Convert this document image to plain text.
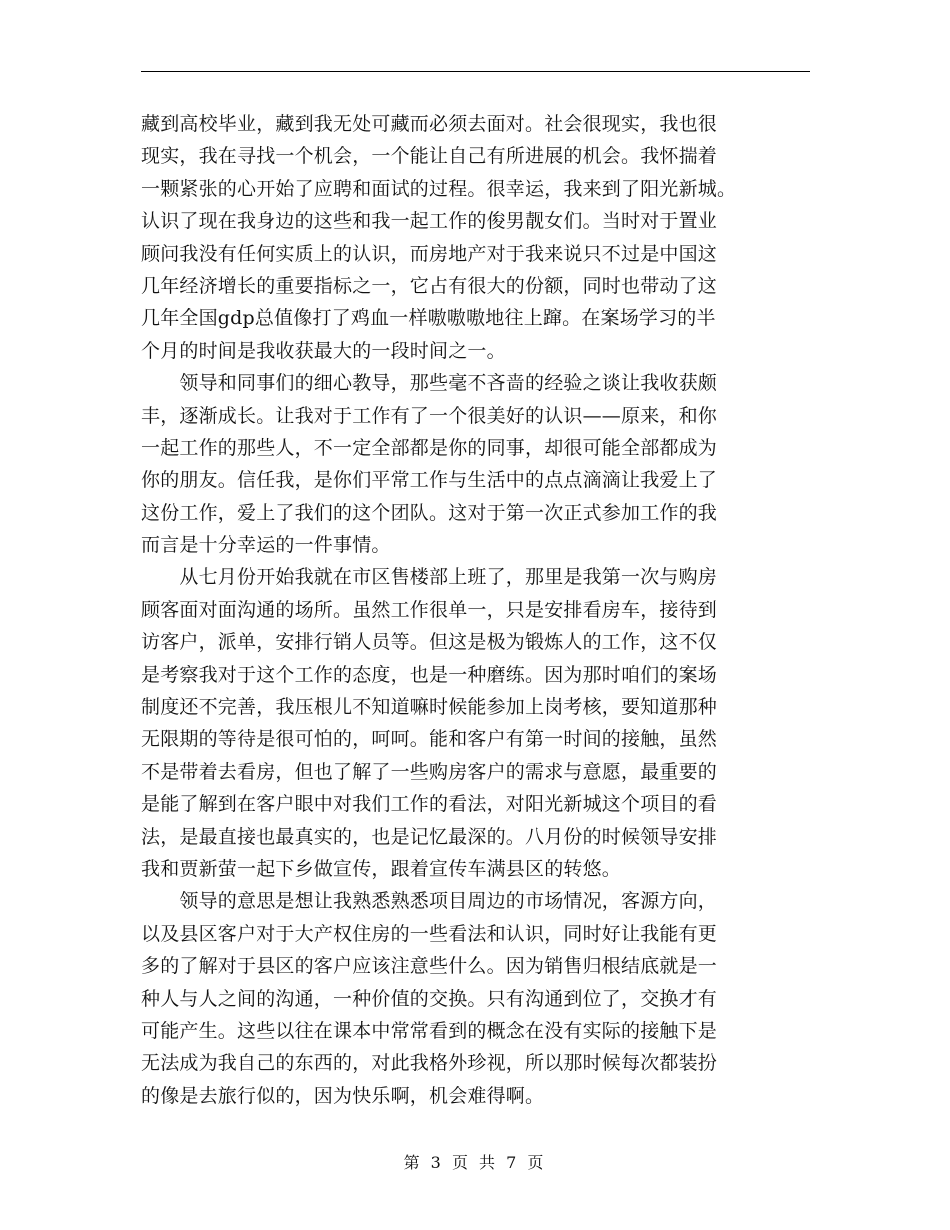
藏到高校毕业，藏到我无处可藏而必须去面对。社会很现实，我也很
现实，我在寻找一个机会，一个能让自己有所进展的机会。我怀揣着
一颗紧张的心开始了应聘和面试的过程。很幸运，我来到了阳光新城。
认识了现在我身边的这些和我一起工作的俊男靓女们。当时对于置业
顾问我没有任何实质上的认识，而房地产对于我来说只不过是中国这
几年经济增长的重要指标之一，它占有很大的份额，同时也带动了这
几年全国gdp总值像打了鸡血一样嗷嗷嗷地往上蹿。在案场学习的半
个月的时间是我收获最大的一段时间之一。
　　领导和同事们的细心教导，那些毫不吝啬的经验之谈让我收获颇
丰，逐渐成长。让我对于工作有了一个很美好的认识——原来，和你
一起工作的那些人，不一定全部都是你的同事，却很可能全部都成为
你的朋友。信任我，是你们平常工作与生活中的点点滴滴让我爱上了
这份工作，爱上了我们的这个团队。这对于第一次正式参加工作的我
而言是十分幸运的一件事情。
　　从七月份开始我就在市区售楼部上班了，那里是我第一次与购房
顾客面对面沟通的场所。虽然工作很单一，只是安排看房车，接待到
访客户，派单，安排行销人员等。但这是极为锻炼人的工作，这不仅
是考察我对于这个工作的态度，也是一种磨练。因为那时咱们的案场
制度还不完善，我压根儿不知道嘛时候能参加上岗考核，要知道那种
无限期的等待是很可怕的，呵呵。能和客户有第一时间的接触，虽然
不是带着去看房，但也了解了一些购房客户的需求与意愿，最重要的
是能了解到在客户眼中对我们工作的看法，对阳光新城这个项目的看
法，是最直接也最真实的，也是记忆最深的。八月份的时候领导安排
我和贾新萤一起下乡做宣传，跟着宣传车满县区的转悠。
　　领导的意思是想让我熟悉熟悉项目周边的市场情况，客源方向，
以及县区客户对于大产权住房的一些看法和认识，同时好让我能有更
多的了解对于县区的客户应该注意些什么。因为销售归根结底就是一
种人与人之间的沟通，一种价值的交换。只有沟通到位了，交换才有
可能产生。这些以往在课本中常常看到的概念在没有实际的接触下是
无法成为我自己的东西的，对此我格外珍视，所以那时候每次都装扮
的像是去旅行似的，因为快乐啊，机会难得啊。
第 3 页 共 7 页
